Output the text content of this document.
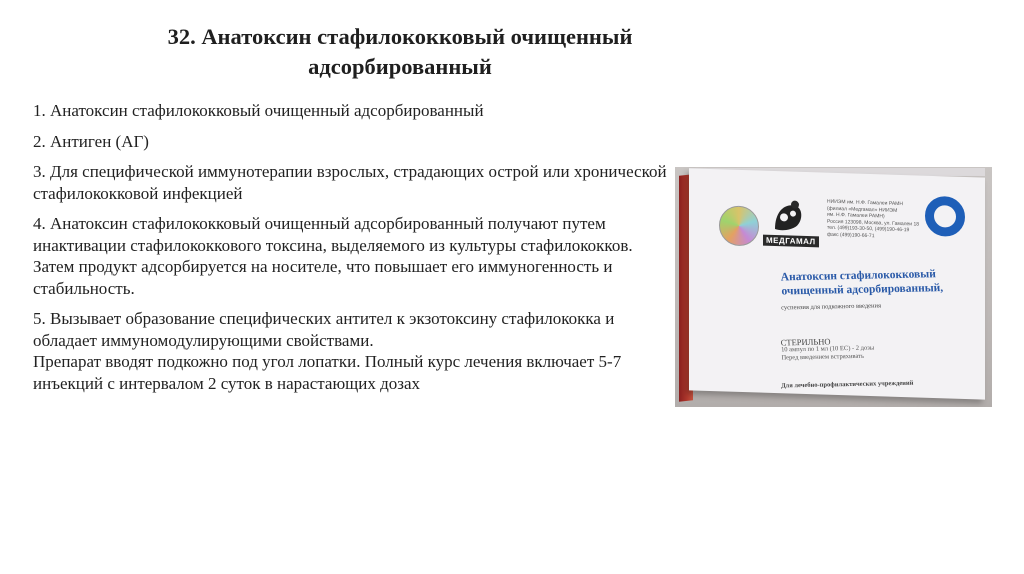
32. Анатоксин стафилококковый очищенный
адсорбированный

1. Анатоксин стафилококковый очищенный адсорбированный

2. Антиген (АГ)

3. Для специфической иммунотерапии взрослых, страдающих острой или хронической стафилококковой инфекцией

4. Анатоксин стафилококковый очищенный адсорбированный получают путем инактивации стафилококкового токсина, выделяемого из культуры стафилококков. Затем продукт адсорбируется на носителе, что повышает его иммуногенность и стабильность.

5. Вызывает образование специфических антител к экзотоксину стафилококка и обладает иммуномодулирующими свойствами.

Препарат вводят подкожно под угол лопатки. Полный курс лечения включает 5-7 инъекций с интервалом 2 суток в нарастающих дозах

МЕДГАМАЛ
НИИЭМ им. Н.Ф. Гамалеи РАМН
(филиал «Медгамал» НИИЭМ
им. Н.Ф. Гамалеи РАМН)
Россия 123098, Москва, ул. Гамалеи 18
тел. (499)193-30-50, (499)190-46-19
факс (499)190-66-71
Анатоксин стафилококковый
очищенный адсорбированный,
суспензия для подкожного введения
СТЕРИЛЬНО
10 ампул по 1 мл (10 ЕС) - 2 дозы
Перед введением встряхивать
Для лечебно-профилактических учреждений
